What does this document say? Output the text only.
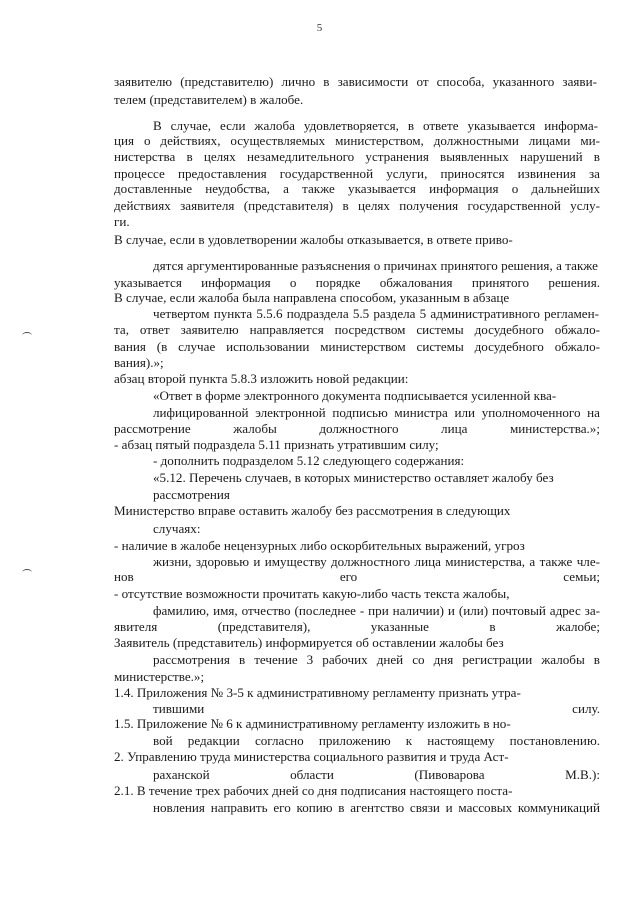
5
заявителю (представителю) лично в зависимости от способа, указанного заяви-
телем (представителем) в жалобе.
В случае, если жалоба удовлетворяется, в ответе указывается информа-
ция о действиях, осуществляемых министерством, должностными лицами ми-
нистерства в целях незамедлительного устранения выявленных нарушений в
процессе предоставления государственной услуги, приносятся извинения за
доставленные неудобства, а также указывается информация о дальнейших
действиях заявителя (представителя) в целях получения государственной услу-
ги.
В случае, если в удовлетворении жалобы отказывается, в ответе приво-
дятся аргументированные разъяснения о причинах принятого решения, а также
указывается информация о порядке обжалования принятого решения.
В случае, если жалоба была направлена способом, указанным в абзаце
четвертом пункта 5.5.6 подраздела 5.5 раздела 5 административного регламен-
та, ответ заявителю направляется посредством системы досудебного обжало-
вания (в случае использовании министерством системы досудебного обжало-
вания).»;
абзац второй пункта 5.8.3 изложить новой редакции:
«Ответ в форме электронного документа подписывается усиленной ква-
лифицированной электронной подписью министра или уполномоченного на
рассмотрение жалобы должностного лица министерства.»;
- абзац пятый подраздела 5.11 признать утратившим силу;
- дополнить подразделом 5.12 следующего содержания:
«5.12. Перечень случаев, в которых министерство оставляет жалобу без
рассмотрения
Министерство вправе оставить жалобу без рассмотрения в следующих
случаях:
- наличие в жалобе нецензурных либо оскорбительных выражений, угроз
жизни, здоровью и имуществу должностного лица министерства, а также чле-
нов его семьи;
- отсутствие возможности прочитать какую-либо часть текста жалобы,
фамилию, имя, отчество (последнее - при наличии) и (или) почтовый адрес за-
явителя (представителя), указанные в жалобе;
Заявитель (представитель) информируется об оставлении жалобы без
рассмотрения в течение 3 рабочих дней со дня регистрации жалобы в
министерстве.»;
1.4. Приложения № 3-5 к административному регламенту признать утра-
тившими силу.
1.5. Приложение № 6 к административному регламенту изложить в но-
вой редакции согласно приложению к настоящему постановлению.
2. Управлению труда министерства социального развития и труда Аст-
раханской области (Пивоварова М.В.):
2.1. В течение трех рабочих дней со дня подписания настоящего поста-
новления направить его копию в агентство связи и массовых коммуникаций
